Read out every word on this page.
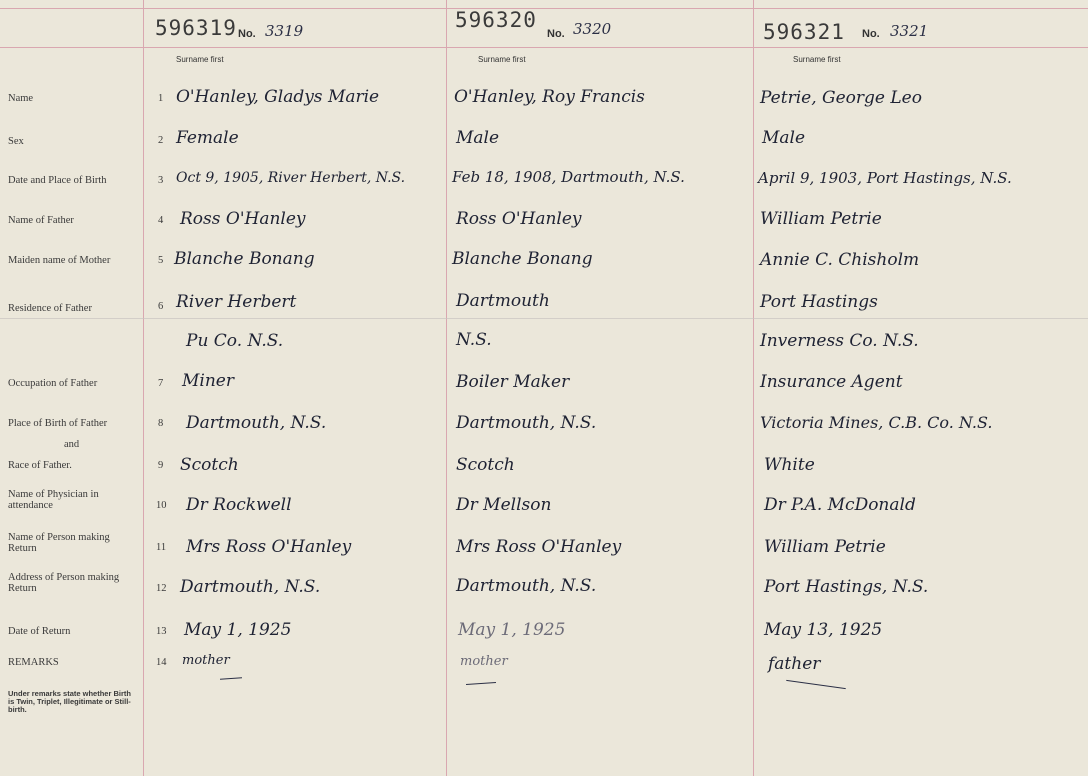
596319 No. 3319
Surname first
596320
No. 3320
Surname first
596321 No. 3321
Surname first
Name
Sex
Date and Place of Birth
Name of Father
Maiden name of Mother
Residence of Father
Occupation of Father
Place of Birth of Father
and
Race of Father.
Name of Physician in attendance
Name of Person making Return
Address of Person making Return
Date of Return
REMARKS
1
2
3
4
5
6
7
8
9
10
11
12
13
14
O'Hanley, Gladys Marie
Female
Oct 9, 1905, River Herbert, N.S.
Ross O'Hanley
Blanche Bonang
River Herbert
Pu Co. N.S.
Miner
Dartmouth, N.S.
Scotch
Dr Rockwell
Mrs Ross O'Hanley
Dartmouth, N.S.
May 1, 1925
mother
O'Hanley, Roy Francis
Male
Feb 18, 1908, Dartmouth, N.S.
Ross O'Hanley
Blanche Bonang
Dartmouth
N.S.
Boiler Maker
Dartmouth, N.S.
Scotch
Dr Mellson
Mrs Ross O'Hanley
Dartmouth, N.S.
May 1, 1925
mother
Petrie, George Leo
Male
April 9, 1903, Port Hastings, N.S.
William Petrie
Annie C. Chisholm
Port Hastings
Inverness Co. N.S.
Insurance Agent
Victoria Mines, C.B. Co. N.S.
White
Dr P.A. McDonald
William Petrie
Port Hastings, N.S.
May 13, 1925
father
Under remarks state whether Birth is Twin, Triplet, Illegitimate or Still-birth.
